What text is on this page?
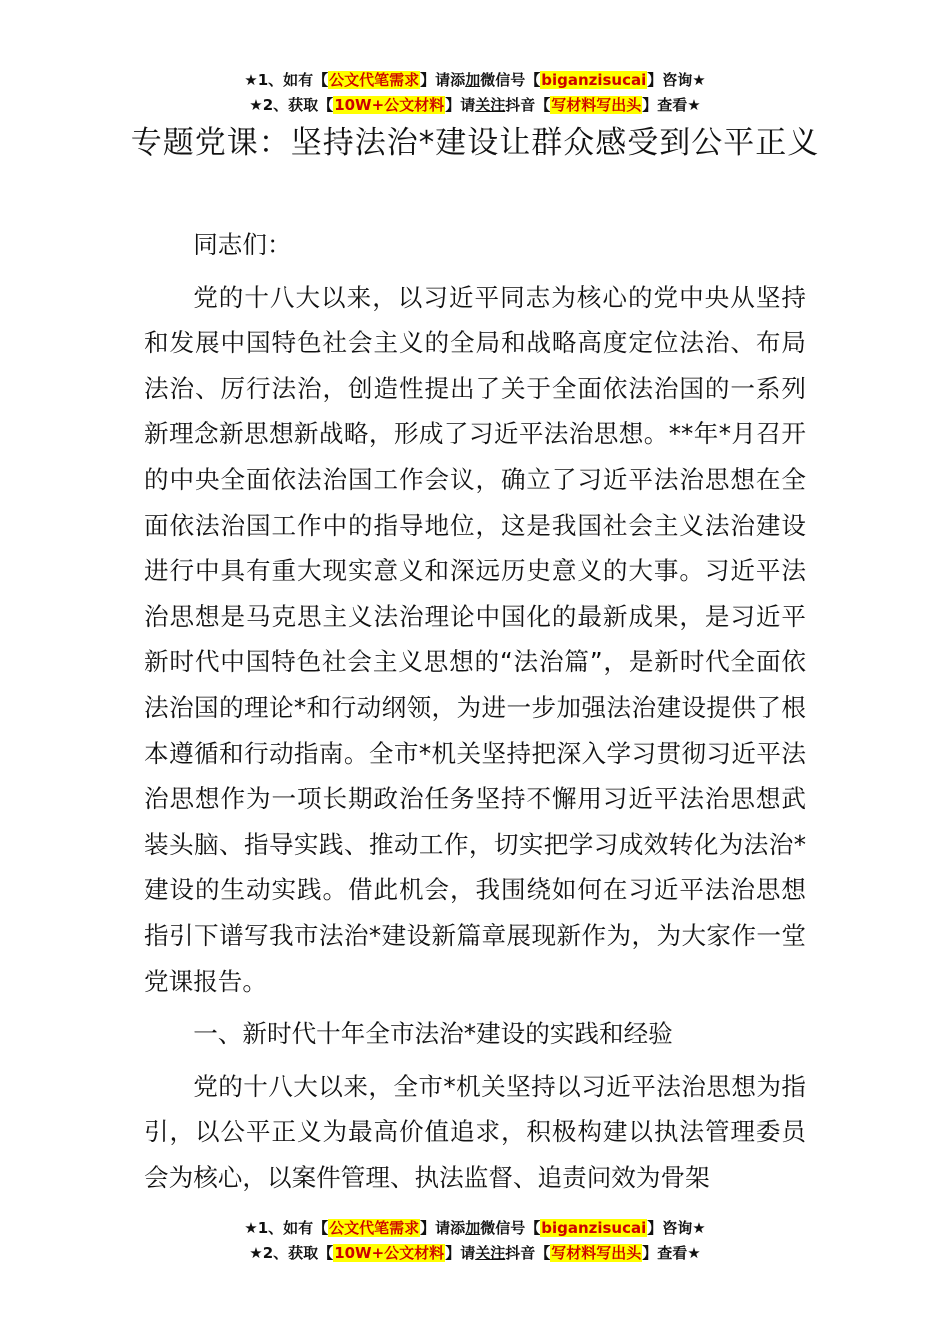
★1、如有【公文代笔需求】请添加微信号【biganzisucai】咨询★
★2、获取【10W+公文材料】请关注抖音【写材料写出头】查看★
专题党课：坚持法治*建设让群众感受到公平正义

同志们：

党的十八大以来，以习近平同志为核心的党中央从坚持和发展中国特色社会主义的全局和战略高度定位法治、布局法治、厉行法治，创造性提出了关于全面依法治国的一系列新理念新思想新战略，形成了习近平法治思想。**年*月召开的中央全面依法治国工作会议，确立了习近平法治思想在全面依法治国工作中的指导地位，这是我国社会主义法治建设进行中具有重大现实意义和深远历史意义的大事。习近平法治思想是马克思主义法治理论中国化的最新成果，是习近平新时代中国特色社会主义思想的“法治篇”，是新时代全面依法治国的理论*和行动纲领，为进一步加强法治建设提供了根本遵循和行动指南。全市*机关坚持把深入学习贯彻习近平法治思想作为一项长期政治任务坚持不懈用习近平法治思想武装头脑、指导实践、推动工作，切实把学习成效转化为法治*建设的生动实践。借此机会，我围绕如何在习近平法治思想指引下谱写我市法治*建设新篇章展现新作为，为大家作一堂党课报告。

一、新时代十年全市法治*建设的实践和经验

党的十八大以来，全市*机关坚持以习近平法治思想为指引，以公平正义为最高价值追求，积极构建以执法管理委员会为核心，以案件管理、执法监督、追责问效为骨架

★1、如有【公文代笔需求】请添加微信号【biganzisucai】咨询★
★2、获取【10W+公文材料】请关注抖音【写材料写出头】查看★
